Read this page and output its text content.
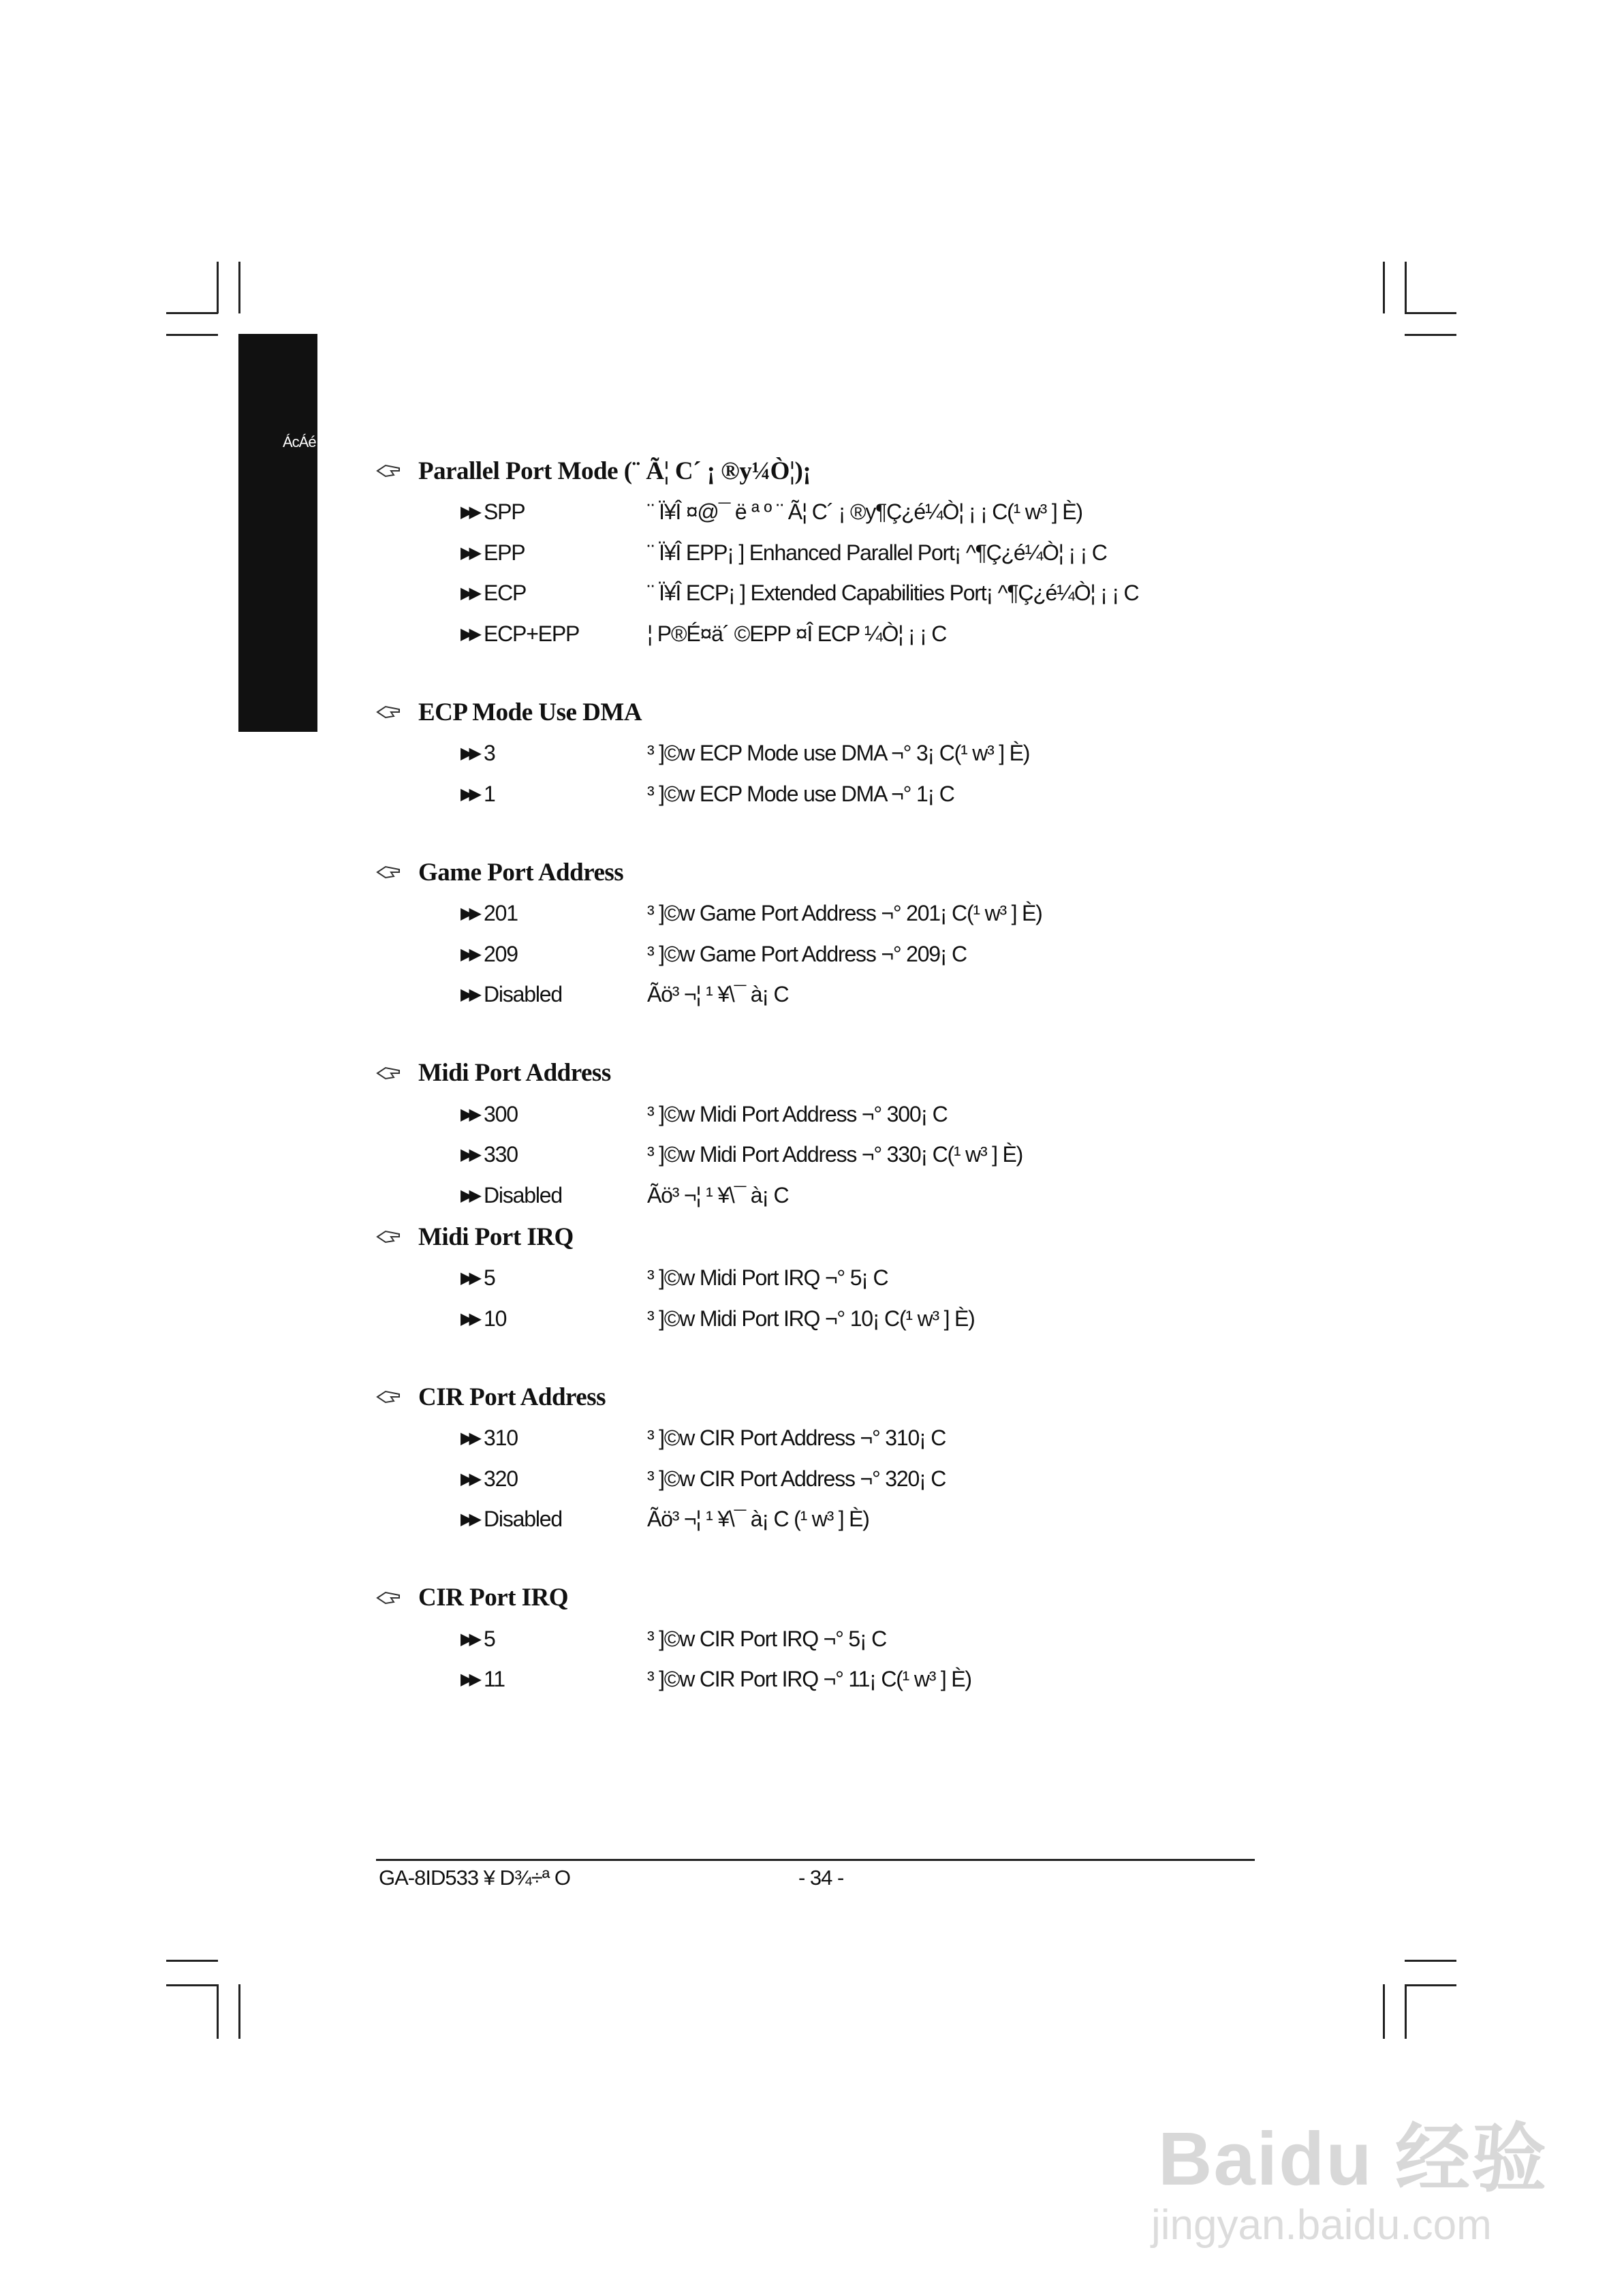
ÁcÁé
Parallel Port Mode (¨ Ã¦ C´ ¡ ®y¼Ò¦)¡
▶▶ SPP	¨ Ï¥Î ¤@¯ ë ª º ¨ Ã¦ C´ ¡ ®y¶Ç¿é¼Ò¦ ¡ ¡ C(¹ w³ ] È)
▶▶ EPP	¨ Ï¥Î EPP¡ ] Enhanced Parallel Port¡ ^¶Ç¿é¼Ò¦ ¡ ¡ C
▶▶ ECP	¨ Ï¥Î ECP¡ ] Extended Capabilities Port¡ ^¶Ç¿é¼Ò¦ ¡ ¡ C
▶▶ ECP+EPP	¦ P®É¤ä´ ©EPP ¤Î ECP ¼Ò¦ ¡ ¡ C
ECP Mode Use DMA
▶▶ 3	³ ]©w ECP Mode use DMA ¬° 3¡ C(¹ w³ ] È)
▶▶ 1	³ ]©w ECP Mode use DMA ¬° 1¡ C
Game Port Address
▶▶ 201	³ ]©w Game Port Address ¬° 201¡ C(¹ w³ ] È)
▶▶ 209	³ ]©w Game Port Address ¬° 209¡ C
▶▶ Disabled	Ãö³ ¬¦ ¹ ¥\¯ à¡ C
Midi Port Address
▶▶ 300	³ ]©w Midi Port Address ¬° 300¡ C
▶▶ 330	³ ]©w Midi Port Address ¬° 330¡ C(¹ w³ ] È)
▶▶ Disabled	Ãö³ ¬¦ ¹ ¥\¯ à¡ C
Midi Port IRQ
▶▶ 5	³ ]©w Midi Port IRQ ¬° 5¡ C
▶▶ 10	³ ]©w Midi Port IRQ ¬° 10¡ C(¹ w³ ] È)
CIR Port Address
▶▶ 310	³ ]©w CIR Port Address ¬° 310¡ C
▶▶ 320	³ ]©w CIR Port Address ¬° 320¡ C
▶▶ Disabled	Ãö³ ¬¦ ¹ ¥\¯ à¡ C (¹ w³ ] È)
CIR Port IRQ
▶▶ 5	³ ]©w CIR Port IRQ ¬° 5¡ C
▶▶ 11	³ ]©w CIR Port IRQ ¬° 11¡ C(¹ w³ ] È)
GA-8ID533 ¥ D¾÷ª O	- 34 -
Baidu 经验
jingyan.baidu.com
